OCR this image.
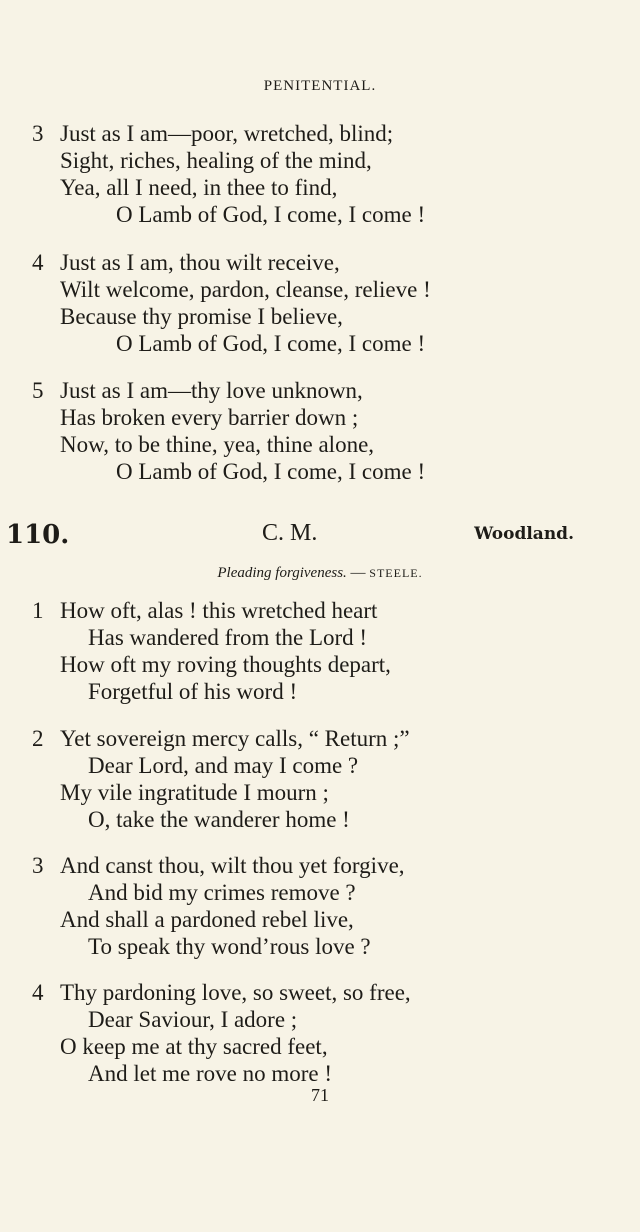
PENITENTIAL.
3 Just as I am—poor, wretched, blind;
Sight, riches, healing of the mind,
Yea, all I need, in thee to find,
O Lamb of God, I come, I come !
4 Just as I am, thou wilt receive,
Wilt welcome, pardon, cleanse, relieve !
Because thy promise I believe,
O Lamb of God, I come, I come !
5 Just as I am—thy love unknown,
Has broken every barrier down ;
Now, to be thine, yea, thine alone,
O Lamb of God, I come, I come !
110.	C. M.	Woodland.
Pleading forgiveness. — STEELE.
1 How oft, alas ! this wretched heart
Has wandered from the Lord !
How oft my roving thoughts depart,
Forgetful of his word !
2 Yet sovereign mercy calls, “ Return ;”
Dear Lord, and may I come ?
My vile ingratitude I mourn ;
O, take the wanderer home !
3 And canst thou, wilt thou yet forgive,
And bid my crimes remove ?
And shall a pardoned rebel live,
To speak thy wond’rous love ?
4 Thy pardoning love, so sweet, so free,
Dear Saviour, I adore ;
O keep me at thy sacred feet,
And let me rove no more !
71
